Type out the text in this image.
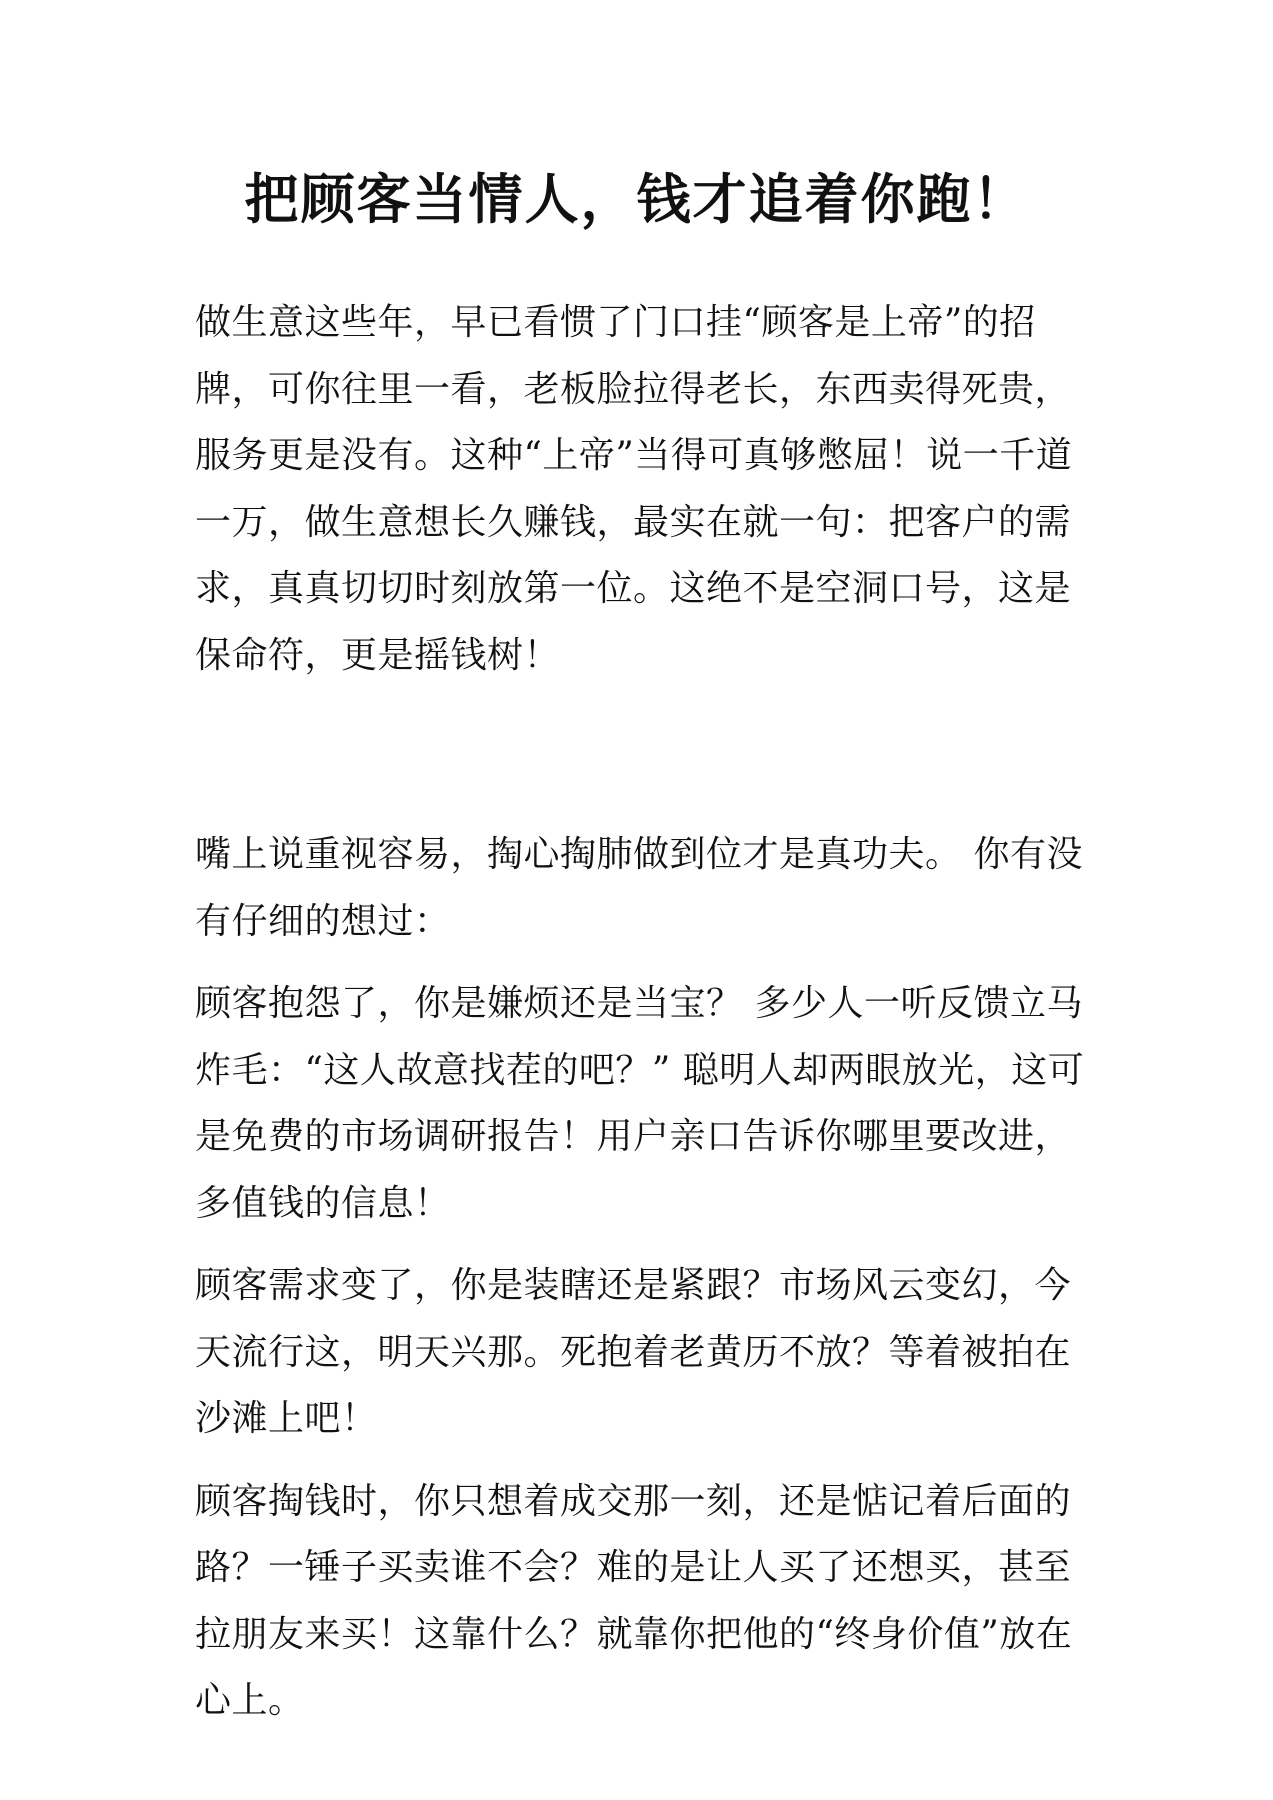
把顾客当情人，钱才追着你跑！

做生意这些年，早已看惯了门口挂“顾客是上帝”的招牌，可你往里一看，老板脸拉得老长，东西卖得死贵，服务更是没有。这种“上帝”当得可真够憋屈！说一千道一万，做生意想长久赚钱，最实在就一句：把客户的需求，真真切切时刻放第一位。这绝不是空洞口号，这是保命符，更是摇钱树！

嘴上说重视容易，掏心掏肺做到位才是真功夫。 你有没有仔细的想过：

顾客抱怨了，你是嫌烦还是当宝？ 多少人一听反馈立马炸毛：“这人故意找茬的吧？” 聪明人却两眼放光，这可是免费的市场调研报告！用户亲口告诉你哪里要改进，多值钱的信息！

顾客需求变了，你是装瞎还是紧跟？市场风云变幻，今天流行这，明天兴那。死抱着老黄历不放？等着被拍在沙滩上吧！

顾客掏钱时，你只想着成交那一刻，还是惦记着后面的路？一锤子买卖谁不会？难的是让人买了还想买，甚至拉朋友来买！这靠什么？就靠你把他的“终身价值”放在心上。
